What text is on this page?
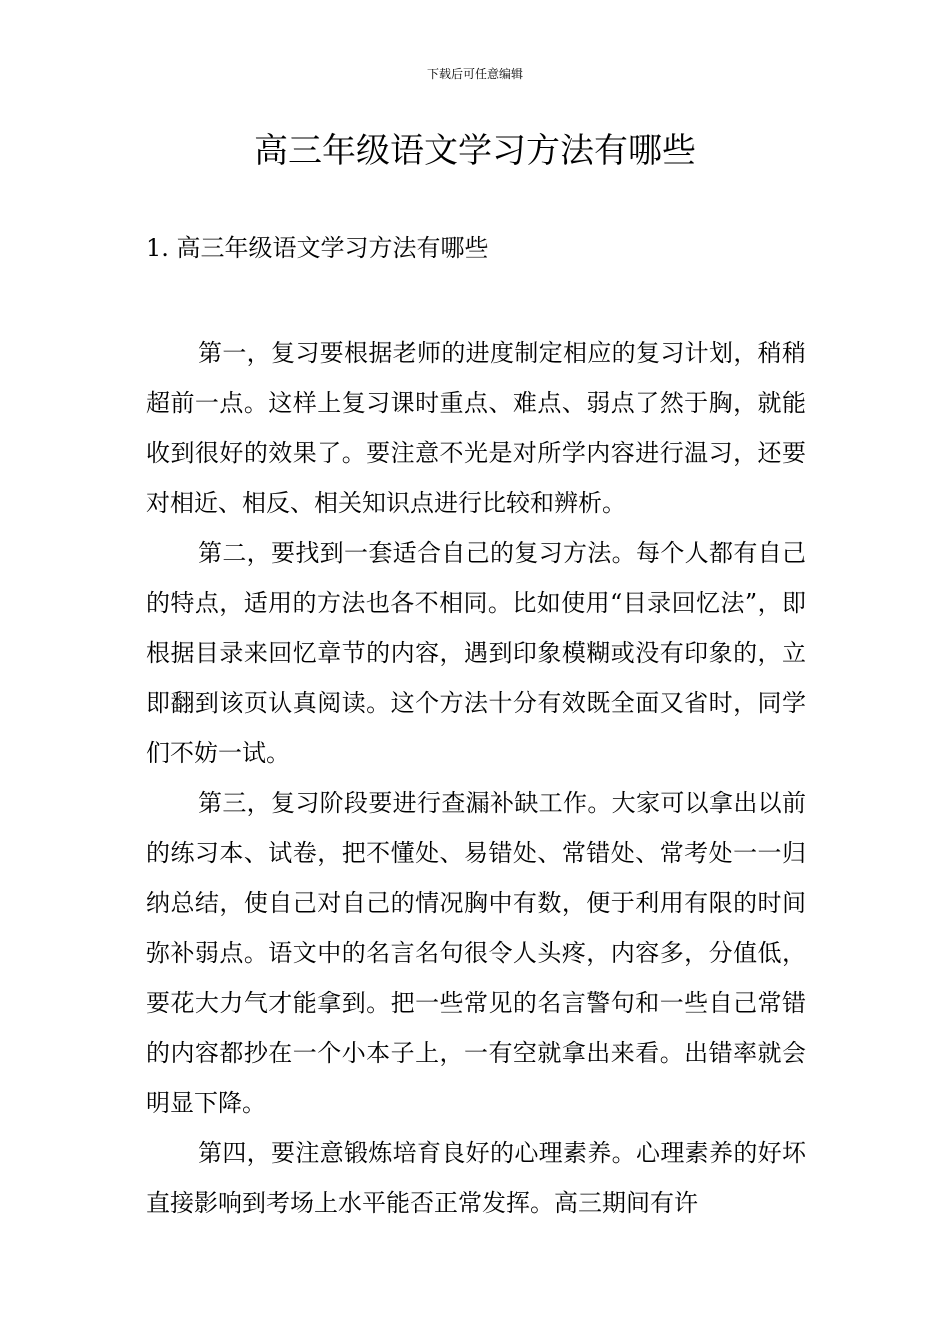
下载后可任意编辑
高三年级语文学习方法有哪些
1. 高三年级语文学习方法有哪些

第一，复习要根据老师的进度制定相应的复习计划，稍稍超前一点。这样上复习课时重点、难点、弱点了然于胸，就能收到很好的效果了。要注意不光是对所学内容进行温习，还要对相近、相反、相关知识点进行比较和辨析。

第二，要找到一套适合自己的复习方法。每个人都有自己的特点，适用的方法也各不相同。比如使用“目录回忆法”，即根据目录来回忆章节的内容，遇到印象模糊或没有印象的，立即翻到该页认真阅读。这个方法十分有效既全面又省时，同学们不妨一试。

第三，复习阶段要进行查漏补缺工作。大家可以拿出以前的练习本、试卷，把不懂处、易错处、常错处、常考处一一归纳总结，使自己对自己的情况胸中有数，便于利用有限的时间弥补弱点。语文中的名言名句很令人头疼，内容多，分值低，要花大力气才能拿到。把一些常见的名言警句和一些自己常错的内容都抄在一个小本子上，一有空就拿出来看。出错率就会明显下降。

第四，要注意锻炼培育良好的心理素养。心理素养的好坏直接影响到考场上水平能否正常发挥。高三期间有许
